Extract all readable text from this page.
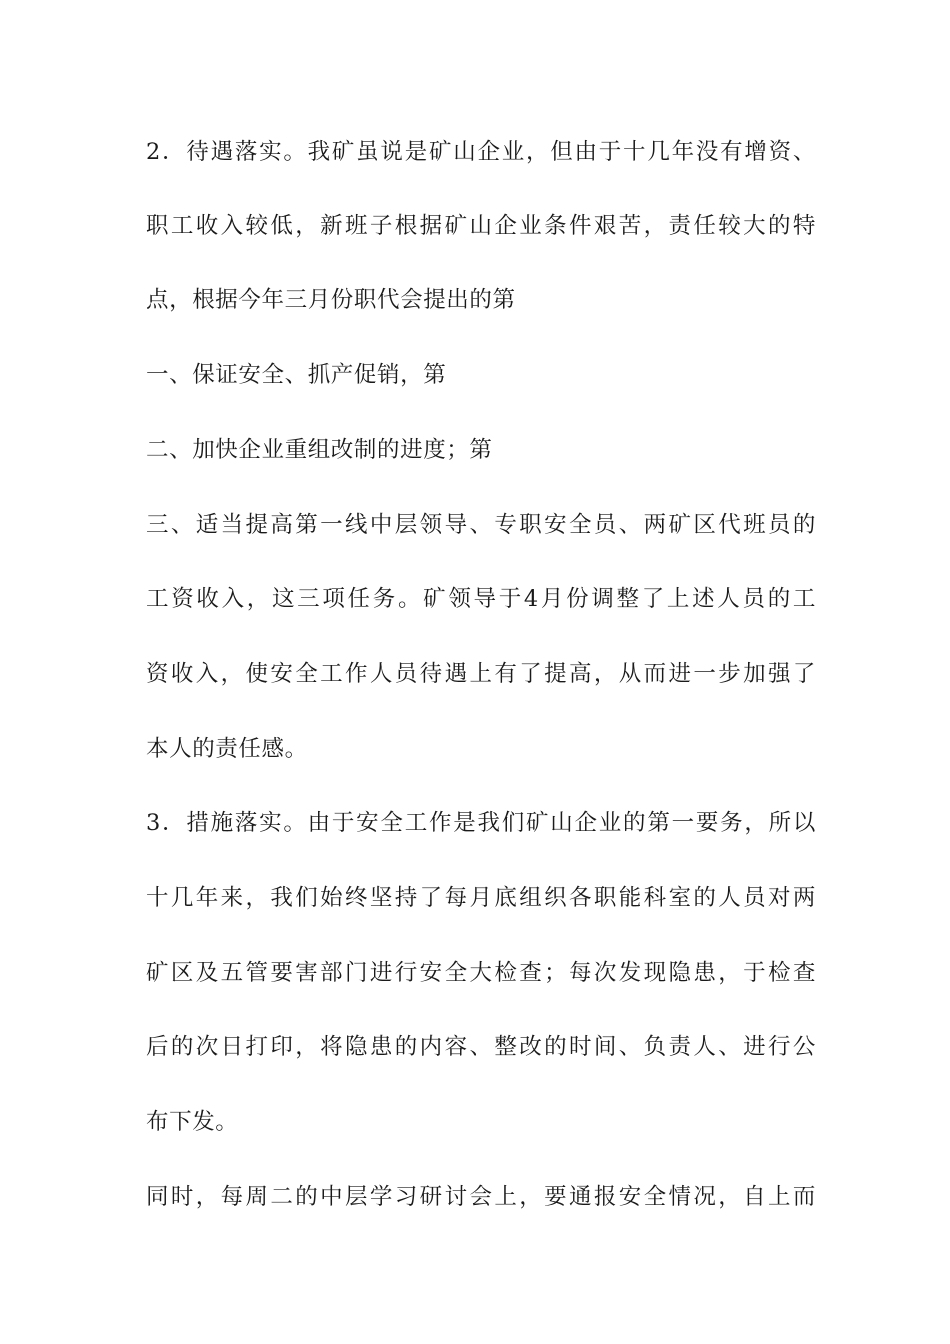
2．待遇落实。我矿虽说是矿山企业，但由于十几年没有增资、
职工收入较低，新班子根据矿山企业条件艰苦，责任较大的特
点，根据今年三月份职代会提出的第
一、保证安全、抓产促销，第
二、加快企业重组改制的进度；第
三、适当提高第一线中层领导、专职安全员、两矿区代班员的
工资收入，这三项任务。矿领导于4月份调整了上述人员的工
资收入，使安全工作人员待遇上有了提高，从而进一步加强了
本人的责任感。
3．措施落实。由于安全工作是我们矿山企业的第一要务，所以
十几年来，我们始终坚持了每月底组织各职能科室的人员对两
矿区及五管要害部门进行安全大检查；每次发现隐患，于检查
后的次日打印，将隐患的内容、整改的时间、负责人、进行公
布下发。
同时，每周二的中层学习研讨会上，要通报安全情况，自上而
